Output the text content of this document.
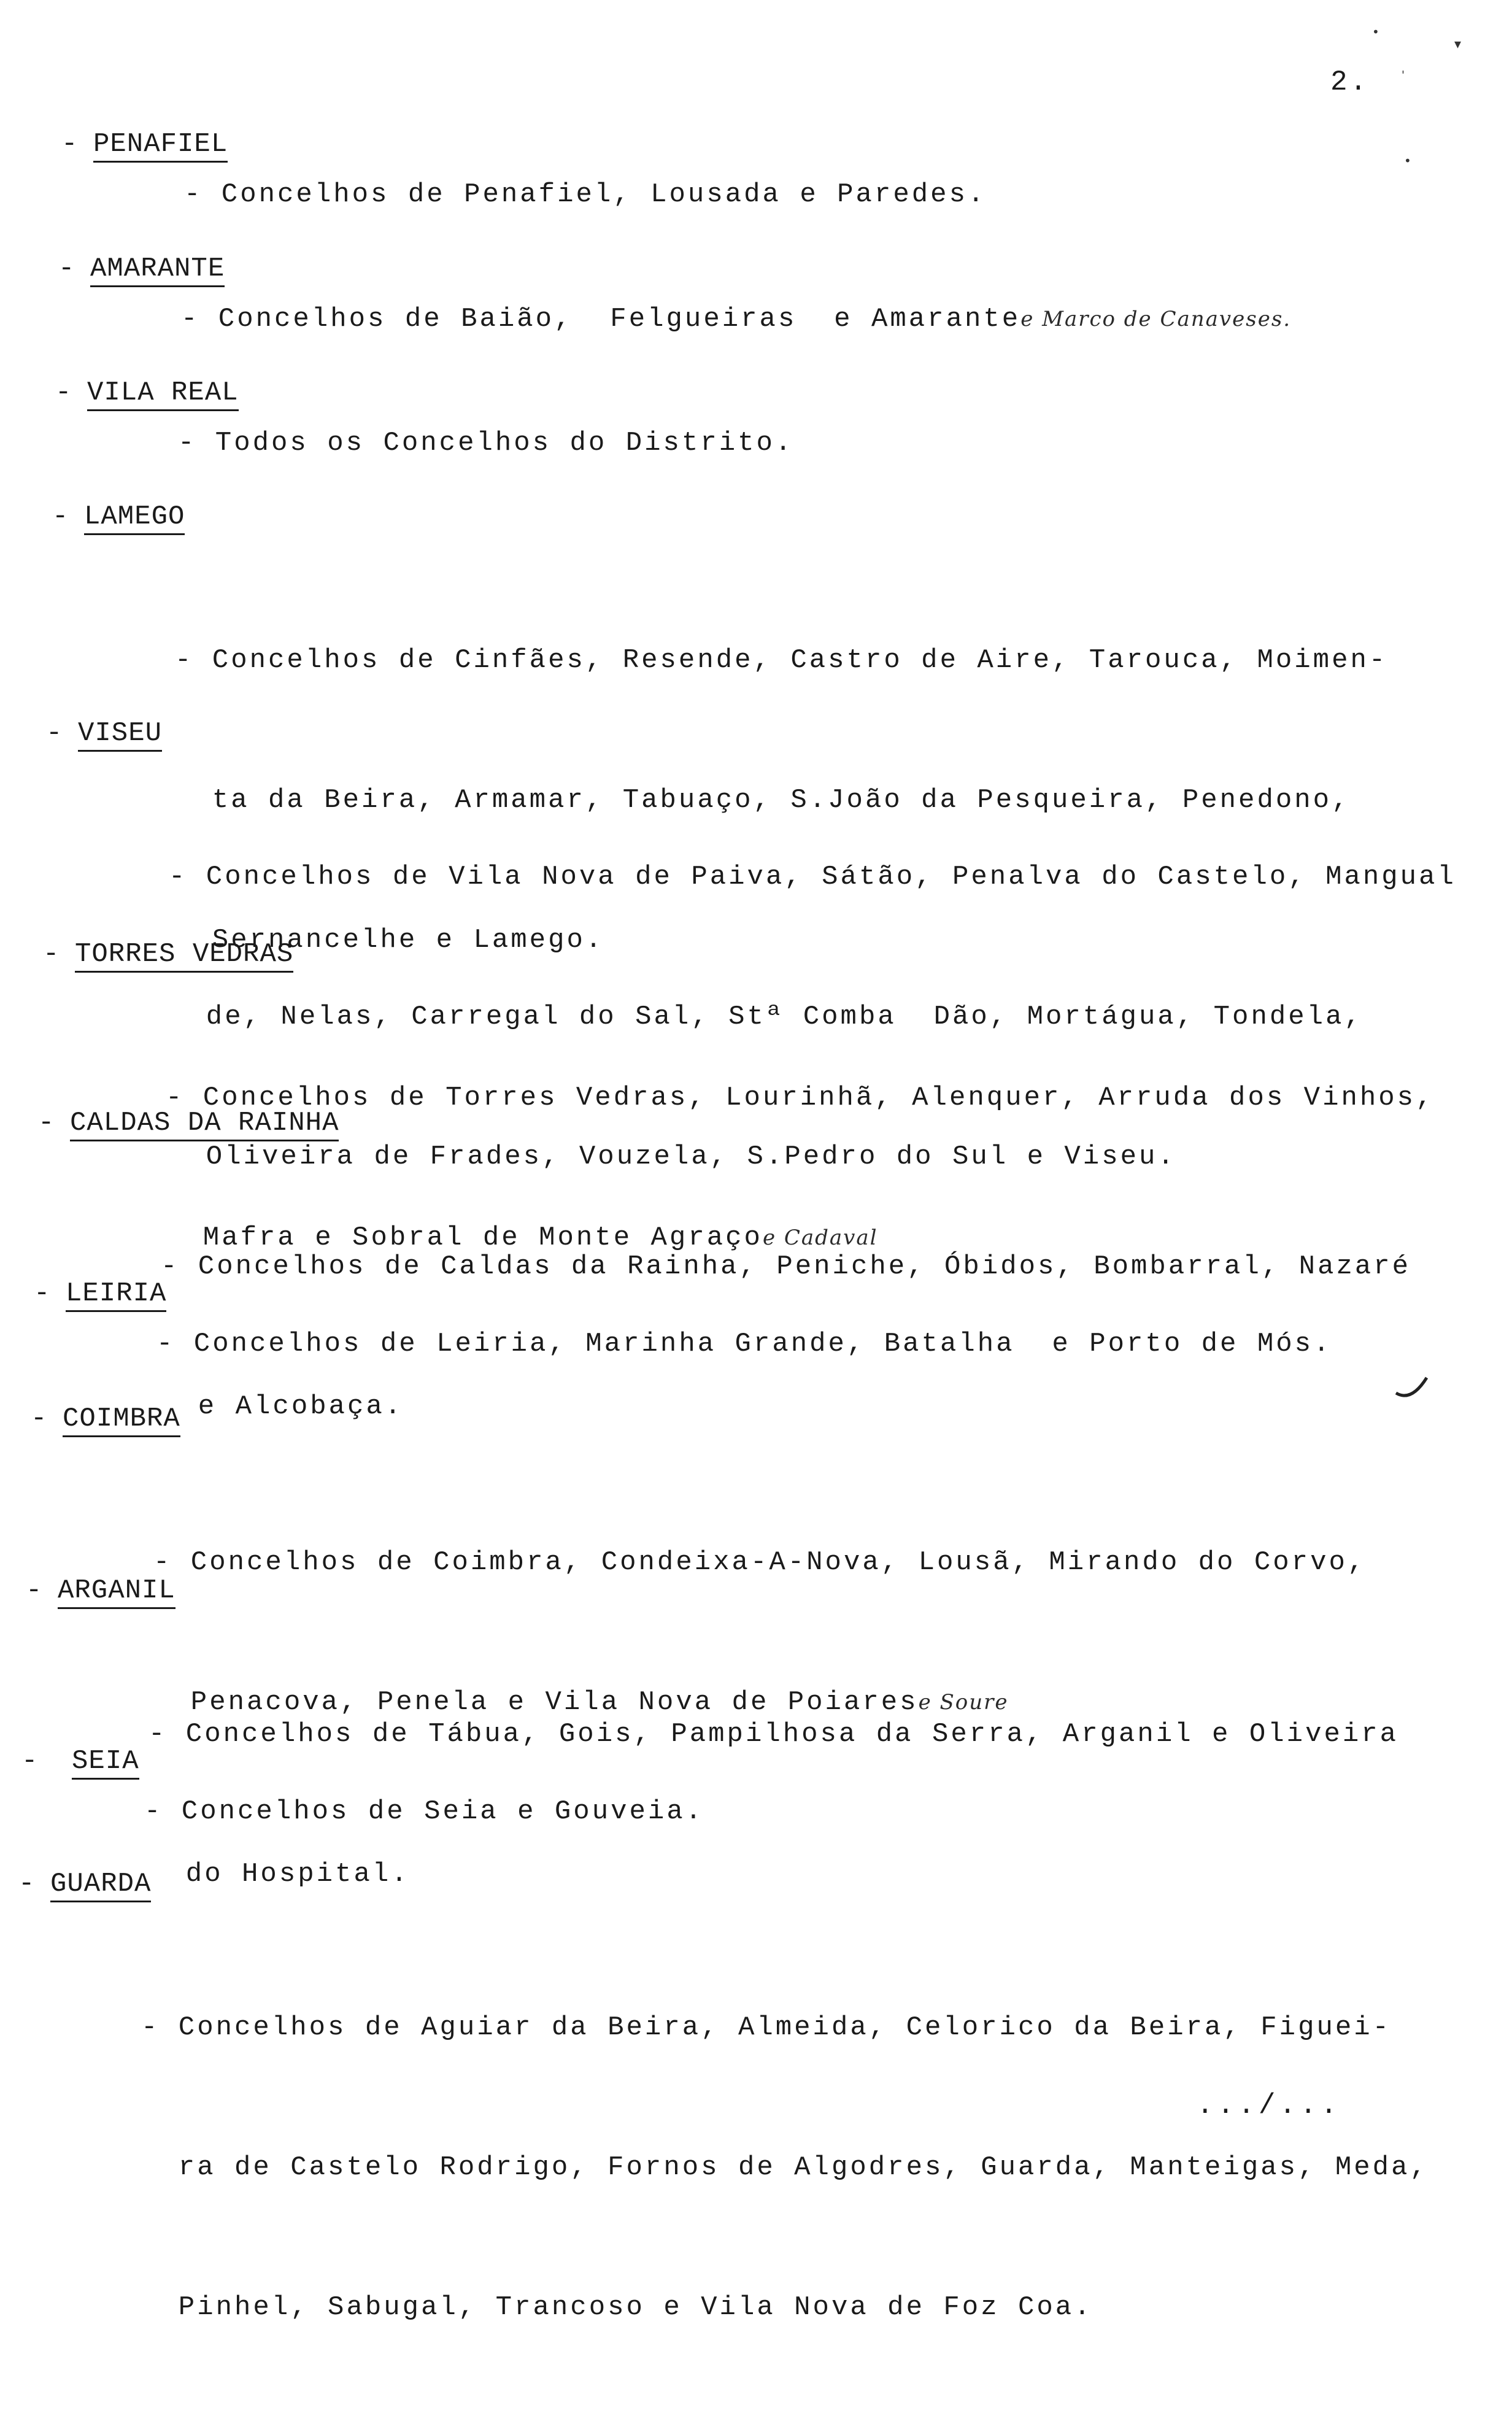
2.
- PENAFIEL
- Concelhos de Penafiel, Lousada e Paredes.
- AMARANTE
- Concelhos de Baião,  Felgueiras  e Amarantee Marco de Canaveses.
- VILA REAL
- Todos os Concelhos do Distrito.
- LAMEGO

- Concelhos de Cinfães, Resende, Castro de Aire, Tarouca, Moimen-

ta da Beira, Armamar, Tabuaço, S.João da Pesqueira, Penedono,

Sernancelhe e Lamego.

- VISEU

- Concelhos de Vila Nova de Paiva, Sátão, Penalva do Castelo, Mangual

de, Nelas, Carregal do Sal, Stª Comba  Dão, Mortágua, Tondela,

Oliveira de Frades, Vouzela, S.Pedro do Sul e Viseu.

- TORRES VEDRAS

- Concelhos de Torres Vedras, Lourinhã, Alenquer, Arruda dos Vinhos,

Mafra e Sobral de Monte Agraçoe Cadaval

- CALDAS DA RAINHA

- Concelhos de Caldas da Rainha, Peniche, Óbidos, Bombarral, Nazaré

e Alcobaça.

- LEIRIA
- Concelhos de Leiria, Marinha Grande, Batalha  e Porto de Mós.
- COIMBRA

- Concelhos de Coimbra, Condeixa-A-Nova, Lousã, Mirando do Corvo,

Penacova, Penela e Vila Nova de Poiarese Soure

- ARGANIL

- Concelhos de Tábua, Gois, Pampilhosa da Serra, Arganil e Oliveira

do Hospital.

- SEIA
- Concelhos de Seia e Gouveia.
- GUARDA

- Concelhos de Aguiar da Beira, Almeida, Celorico da Beira, Figuei-

ra de Castelo Rodrigo, Fornos de Algodres, Guarda, Manteigas, Meda,

Pinhel, Sabugal, Trancoso e Vila Nova de Foz Coa.

.../...
•
▾
'
•
